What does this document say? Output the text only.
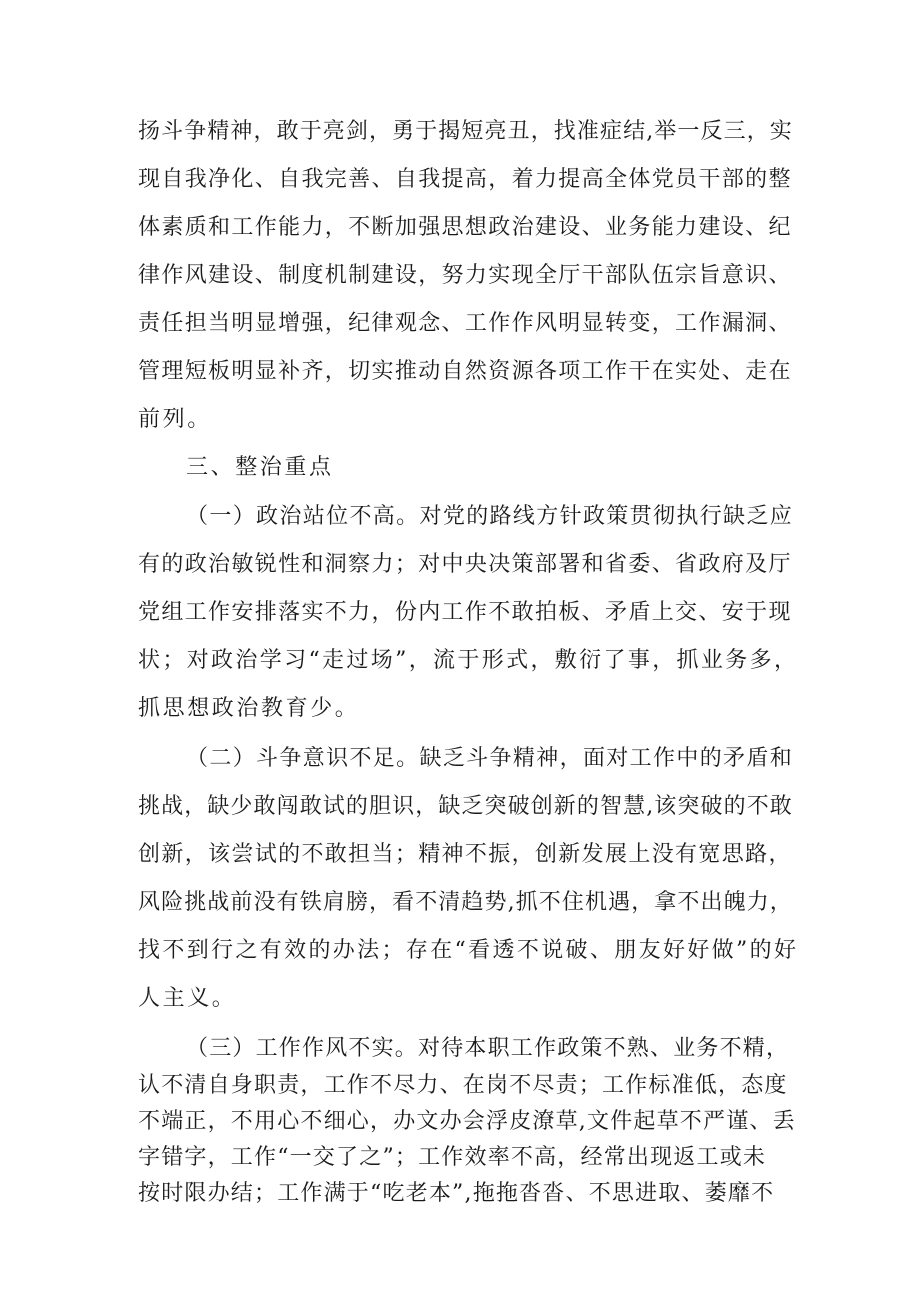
扬斗争精神，敢于亮剑，勇于揭短亮丑，找准症结,举一反三，实
现自我净化、自我完善、自我提高，着力提高全体党员干部的整
体素质和工作能力，不断加强思想政治建设、业务能力建设、纪
律作风建设、制度机制建设，努力实现全厅干部队伍宗旨意识、
责任担当明显增强，纪律观念、工作作风明显转变，工作漏洞、
管理短板明显补齐，切实推动自然资源各项工作干在实处、走在
前列。
三、整治重点
（一）政治站位不高。对党的路线方针政策贯彻执行缺乏应
有的政治敏锐性和洞察力；对中央决策部署和省委、省政府及厅
党组工作安排落实不力，份内工作不敢拍板、矛盾上交、安于现
状；对政治学习“走过场”，流于形式，敷衍了事，抓业务多，
抓思想政治教育少。
（二）斗争意识不足。缺乏斗争精神，面对工作中的矛盾和
挑战，缺少敢闯敢试的胆识，缺乏突破创新的智慧,该突破的不敢
创新，该尝试的不敢担当；精神不振，创新发展上没有宽思路，
风险挑战前没有铁肩膀，看不清趋势,抓不住机遇，拿不出魄力，
找不到行之有效的办法；存在“看透不说破、朋友好好做”的好
人主义。
（三）工作作风不实。对待本职工作政策不熟、业务不精，
认不清自身职责，工作不尽力、在岗不尽责；工作标准低，态度
不端正，不用心不细心，办文办会浮皮潦草,文件起草不严谨、丢
字错字，工作“一交了之”；工作效率不高，经常出现返工或未
按时限办结；工作满于“吃老本”,拖拖沓沓、不思进取、萎靡不
